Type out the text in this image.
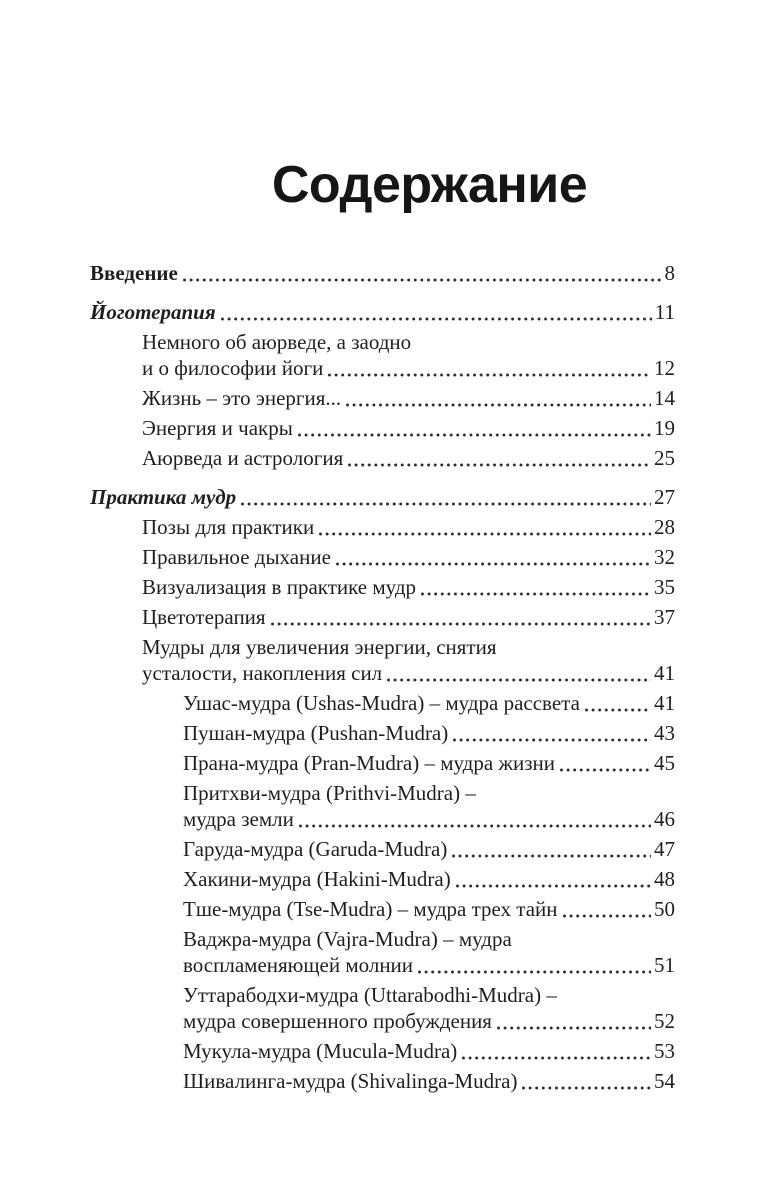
Содержание
Введение	8
Йоготерапия	11
Немного об аюрведе, а заодно
и о философии йоги	12
Жизнь – это энергия...	14
Энергия и чакры	19
Аюрведа и астрология	25
Практика мудр	27
Позы для практики	28
Правильное дыхание	32
Визуализация в практике мудр	35
Цветотерапия	37
Мудры для увеличения энергии, снятия
усталости, накопления сил	41
Ушас-мудра (Ushas-Mudra) – мудра рассвета	41
Пушан-мудра (Pushan-Mudra)	43
Прана-мудра (Pran-Mudra) – мудра жизни	45
Притхви-мудра (Prithvi-Mudra) –
мудра земли	46
Гаруда-мудра (Garuda-Mudra)	47
Хакини-мудра (Hakini-Mudra)	48
Тше-мудра (Tse-Mudra) – мудра трех тайн	50
Ваджра-мудра (Vajra-Mudra) – мудра
воспламеняющей молнии	51
Уттарабодхи-мудра (Uttarabodhi-Mudra) –
мудра совершенного пробуждения	52
Мукула-мудра (Mucula-Mudra)	53
Шивалинга-мудра (Shivalinga-Mudra)	54
